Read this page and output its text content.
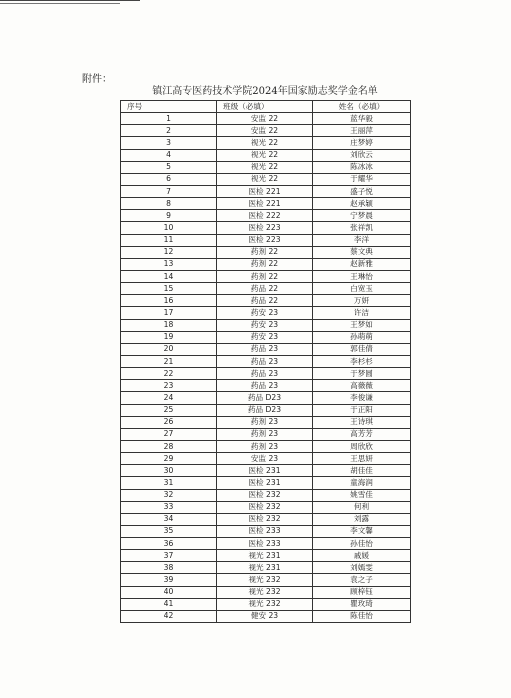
附件：
镇江高专医药技术学院2024年国家励志奖学金名单
序号	班级（必填）	姓名（必填）
1	安监 22	蓝华毅
2	安监 22	王丽萍
3	视光 22	庄梦婷
4	视光 22	刘欣云
5	视光 22	陈冰冰
6	视光 22	于耀华
7	医检 221	盛子悦
8	医检 221	赵承颖
9	医检 222	宁梦晨
10	医检 223	张祥凯
11	医检 223	李洋
12	药剂 22	蔡文典
13	药剂 22	赵新雅
14	药剂 22	王琳怡
15	药品 22	白宽玉
16	药品 22	万妍
17	药安 23	许洁
18	药安 23	王梦如
19	药安 23	孙萌萌
20	药品 23	郭佳倩
21	药品 23	李杉杉
22	药品 23	于梦圆
23	药品 23	高薇薇
24	药品 D23	李俊谦
25	药品 D23	于正阳
26	药剂 23	王诗琪
27	药剂 23	高芳芳
28	药剂 23	周欣欣
29	安监 23	王思妍
30	医检 231	胡佳佳
31	医检 231	童海润
32	医检 232	姚雪佳
33	医检 232	何利
34	医检 232	刘露
35	医检 233	李文馨
36	医检 233	孙佳怡
37	视光 231	戚媛
38	视光 231	刘嫣雯
39	视光 232	袁之子
40	视光 232	顾梓钰
41	视光 232	瞿玫琦
42	健安 23	陈佳怡
